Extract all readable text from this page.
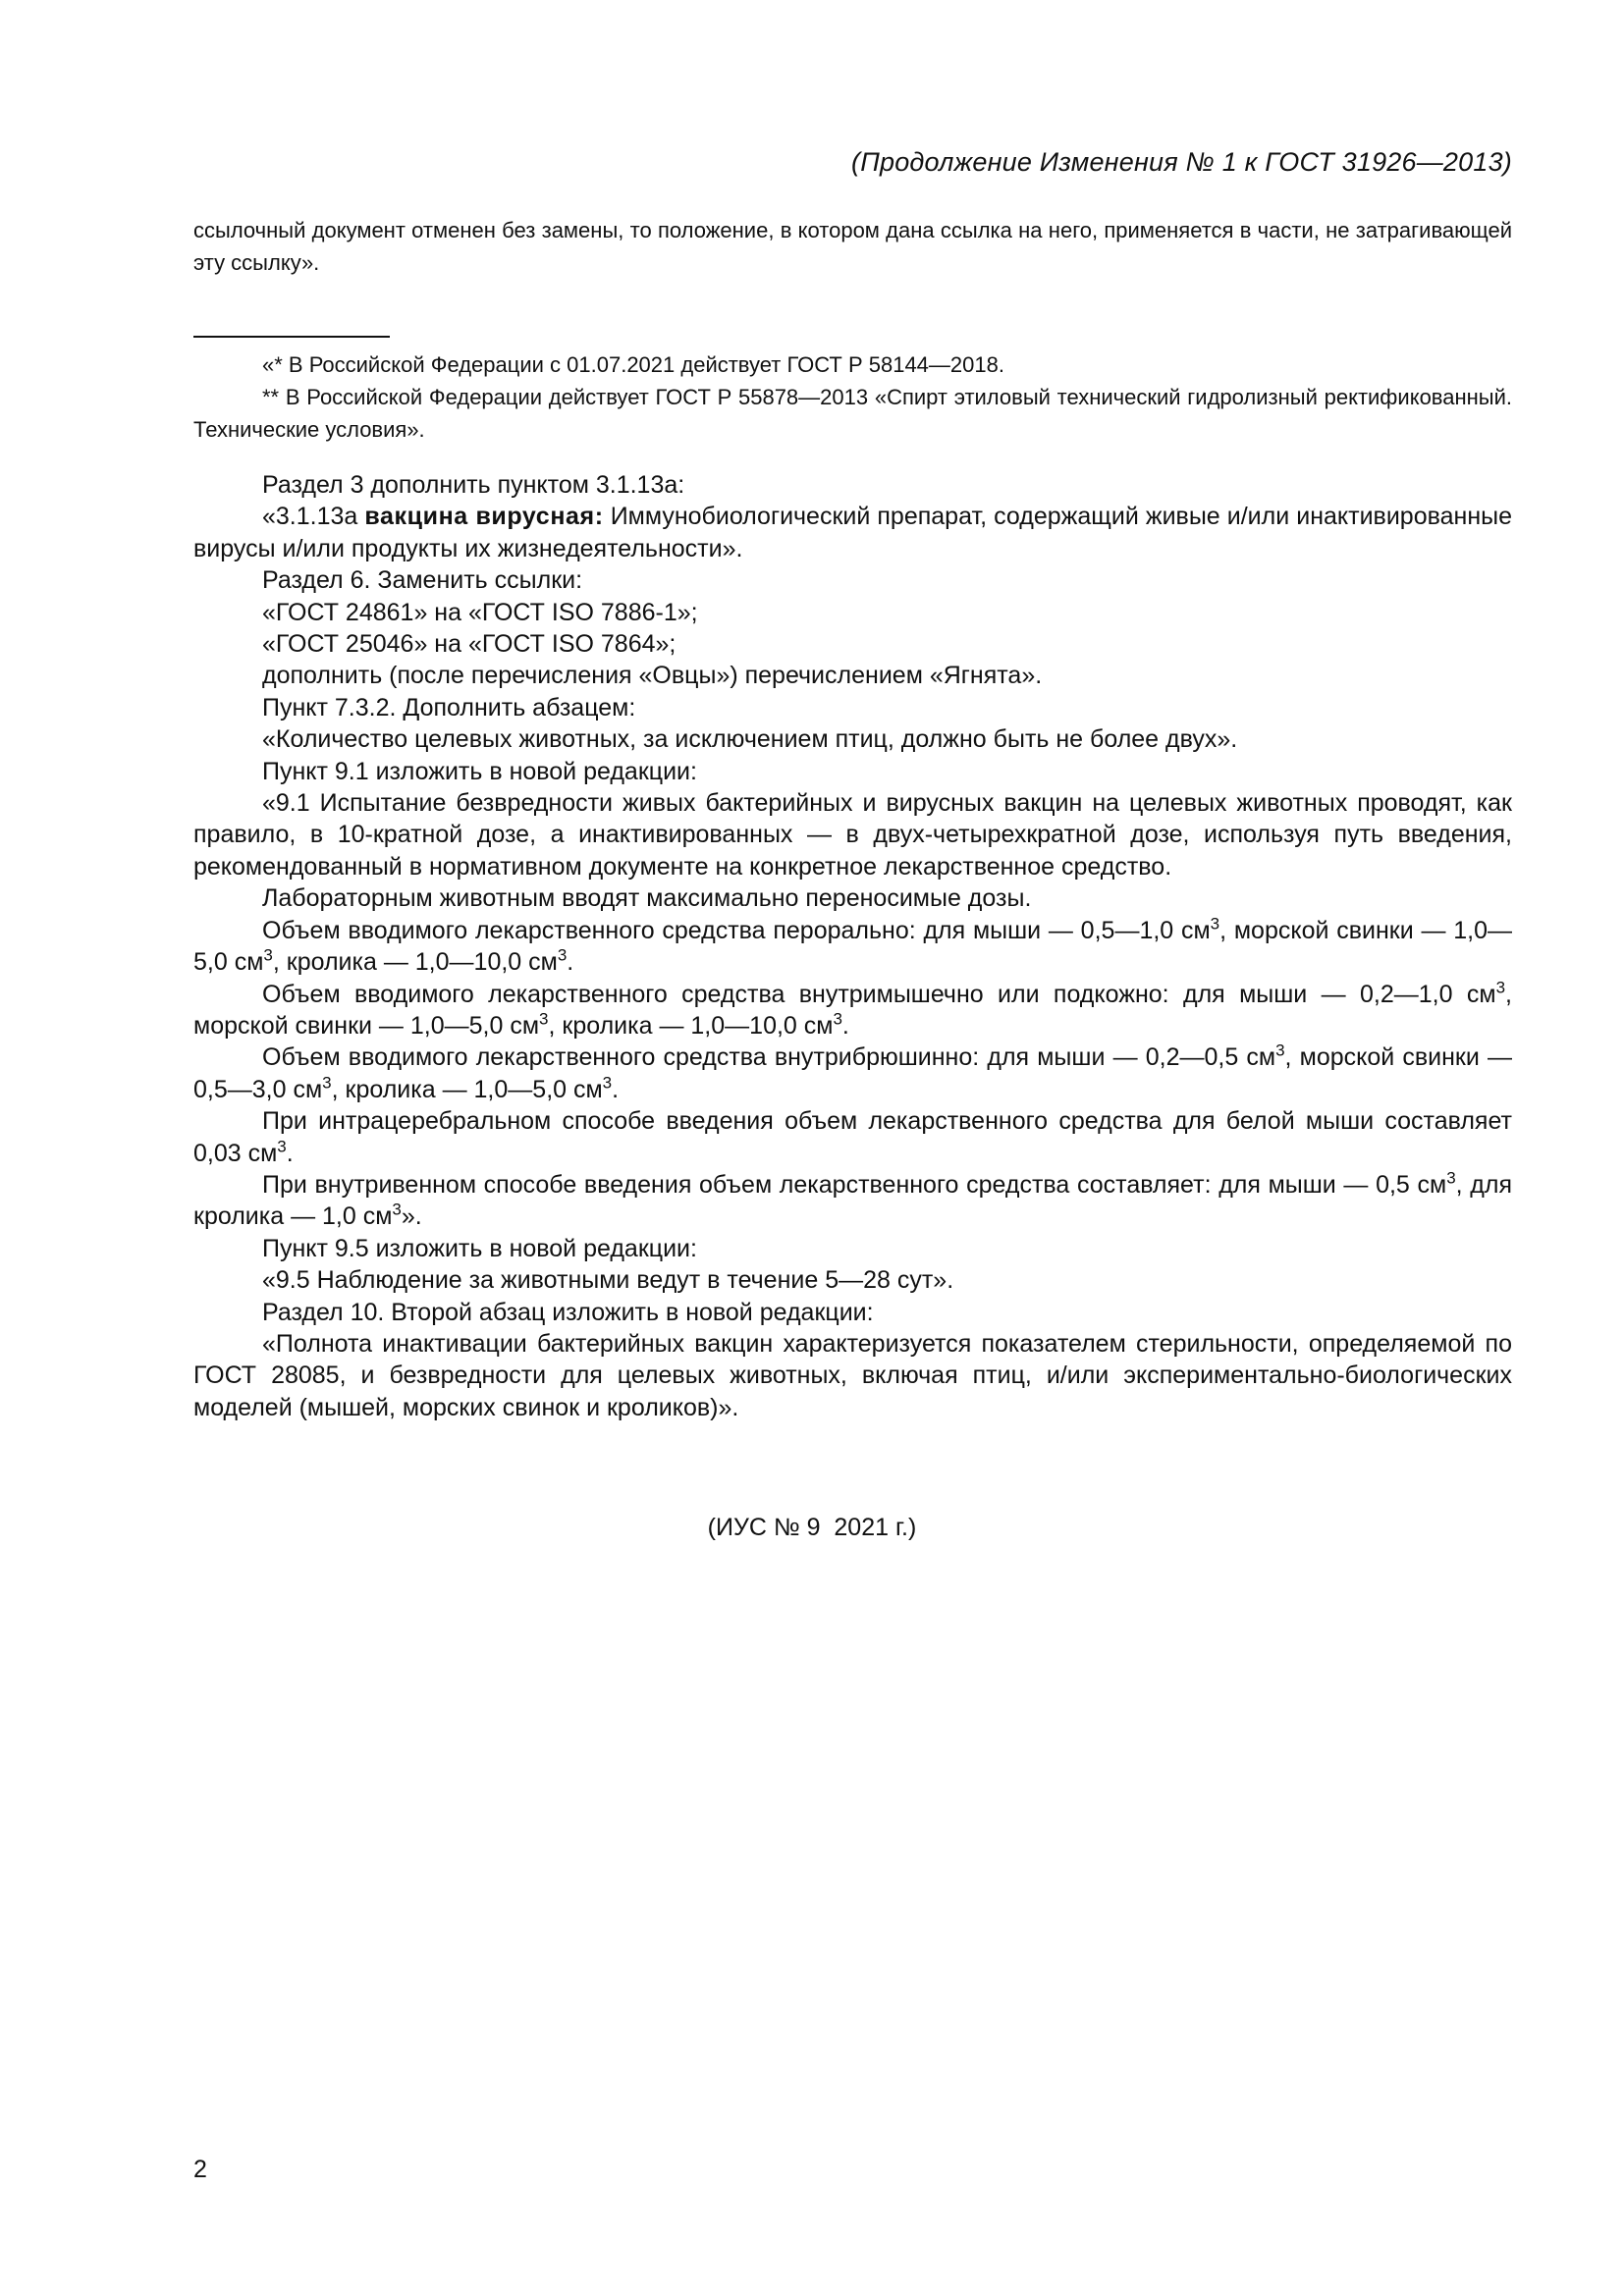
(Продолжение Изменения № 1 к ГОСТ 31926—2013)
ссылочный документ отменен без замены, то положение, в котором дана ссылка на него, применяется в части, не затрагивающей эту ссылку».

«* В Российской Федерации с 01.07.2021 действует ГОСТ Р 58144—2018.

** В Российской Федерации действует ГОСТ Р 55878—2013 «Спирт этиловый технический гидролизный ректификованный. Технические условия».

Раздел 3 дополнить пунктом 3.1.13а:

«3.1.13а вакцина вирусная: Иммунобиологический препарат, содержащий живые и/или инактивированные вирусы и/или продукты их жизнедеятельности».

Раздел 6. Заменить ссылки:

«ГОСТ 24861» на «ГОСТ ISO 7886-1»;

«ГОСТ 25046» на «ГОСТ ISO 7864»;

дополнить (после перечисления «Овцы») перечислением «Ягнята».

Пункт 7.3.2. Дополнить абзацем:

«Количество целевых животных, за исключением птиц, должно быть не более двух».

Пункт 9.1 изложить в новой редакции:

«9.1 Испытание безвредности живых бактерийных и вирусных вакцин на целевых животных проводят, как правило, в 10-кратной дозе, а инактивированных — в двух-четырехкратной дозе, используя путь введения, рекомендованный в нормативном документе на конкретное лекарственное средство.

Лабораторным животным вводят максимально переносимые дозы.

Объем вводимого лекарственного средства перорально: для мыши — 0,5—1,0 $см^3$, морской свинки — 1,0—5,0 $см^3$, кролика — 1,0—10,0 $см^3$.

Объем вводимого лекарственного средства внутримышечно или подкожно: для мыши — 0,2—1,0 $см^3$, морской свинки — 1,0—5,0 $см^3$, кролика — 1,0—10,0 $см^3$.

Объем вводимого лекарственного средства внутрибрюшинно: для мыши — 0,2—0,5 $см^3$, морской свинки — 0,5—3,0 $см^3$, кролика — 1,0—5,0 $см^3$.

При интрацеребральном способе введения объем лекарственного средства для белой мыши составляет 0,03 $см^3$.

При внутривенном способе введения объем лекарственного средства составляет: для мыши — 0,5 $см^3$, для кролика — 1,0 $см^3$».

Пункт 9.5 изложить в новой редакции:

«9.5 Наблюдение за животными ведут в течение 5—28 сут».

Раздел 10. Второй абзац изложить в новой редакции:

«Полнота инактивации бактерийных вакцин характеризуется показателем стерильности, определяемой по ГОСТ 28085, и безвредности для целевых животных, включая птиц, и/или экспериментально-биологических моделей (мышей, морских свинок и кроликов)».

(ИУС № 9  2021 г.)
2
